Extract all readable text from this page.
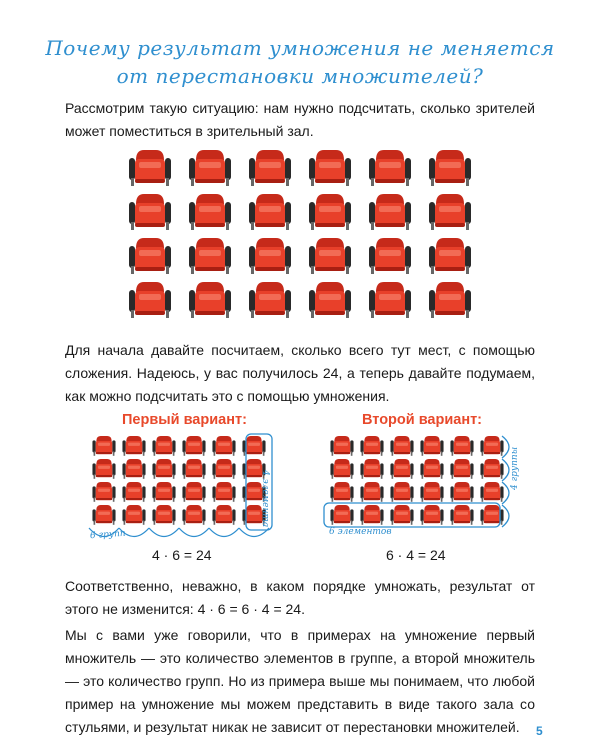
Почему результат умножения не меняется
от перестановки множителей?
Рассмотрим такую ситуацию: нам нужно подсчитать, сколько зрителей может поместиться в зрительный зал.
Для начала давайте посчитаем, сколько всего тут мест, с помощью сложения. Надеюсь, у вас получилось 24, а теперь давайте подумаем, как можно подсчитать это с помощью умножения.
Первый вариант:	Второй вариант:
4 элемента
6 групп	6 элементов
4 группы
4 · 6 = 24	6 · 4 = 24
Соответственно, неважно, в каком порядке умножать, результат от этого не изменится: 4 · 6 = 6 · 4 = 24.
Мы с вами уже говорили, что в примерах на умножение первый множитель — это количество элементов в группе, а второй множитель — это количество групп. Но из примера выше мы понимаем, что любой пример на умножение мы можем представить в виде такого зала со стульями, и результат никак не зависит от перестановки множителей.	5
